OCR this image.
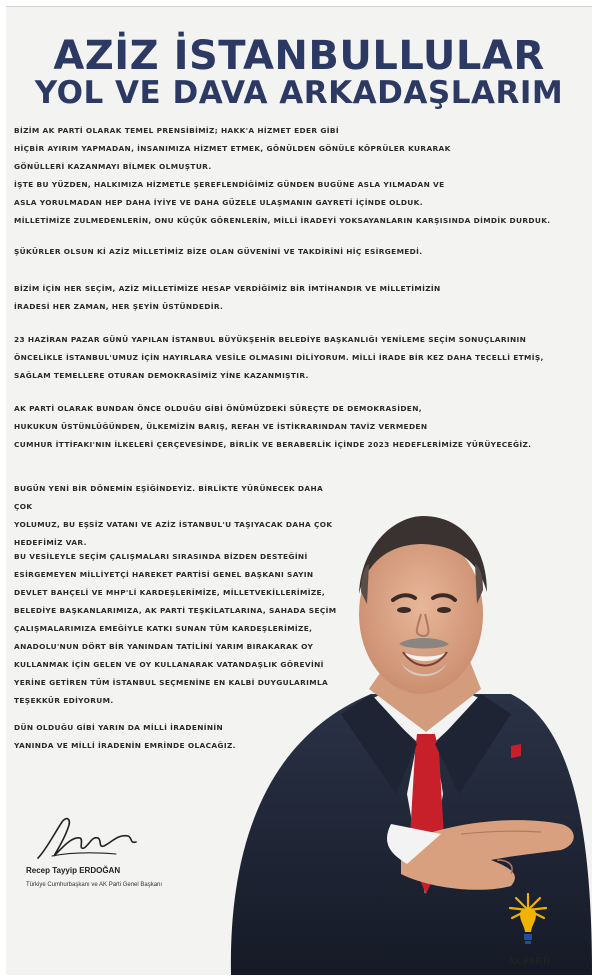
AZİZ İSTANBULLULAR
YOL VE DAVA ARKADAŞLARIM
BİZİM AK PARTİ OLARAK TEMEL PRENSİBİMİZ; HAKK'A HİZMET EDER GİBİ
HİÇBİR AYIRIM YAPMADAN, İNSANIMIZA HİZMET ETMEK, GÖNÜLDEN GÖNÜLE KÖPRÜLER KURARAK
GÖNÜLLERİ KAZANMAYI BİLMEK OLMUŞTUR.
İŞTE BU YÜZDEN, HALKIMIZA HİZMETLE ŞEREFLENDİĞİMİZ GÜNDEN BUGÜNE ASLA YILMADAN VE
ASLA YORULMADAN HEP DAHA İYİYE VE DAHA GÜZELE ULAŞMANIN GAYRETİ İÇİNDE OLDUK.
MİLLETİMİZE ZULMEDENLERİN, ONU KÜÇÜK GÖRENLERİN, MİLLİ İRADEYİ YOKSAYANLARIN KARŞISINDA DİMDİK DURDUK.
ŞÜKÜRLER OLSUN Kİ AZİZ MİLLETİMİZ BİZE OLAN GÜVENİNİ VE TAKDİRİNİ HİÇ ESİRGEMEDİ.
BİZİM İÇİN HER SEÇİM, AZİZ MİLLETİMİZE HESAP VERDİĞİMİZ BİR İMTİHANDIR VE MİLLETİMİZİN
İRADESİ HER ZAMAN, HER ŞEYİN ÜSTÜNDEDİR.
23 HAZİRAN PAZAR GÜNÜ YAPILAN İSTANBUL BÜYÜKŞEHİR BELEDİYE BAŞKANLIĞI YENİLEME SEÇİM SONUÇLARININ
ÖNCELİKLE İSTANBUL'UMUZ İÇİN HAYIRLARA VESİLE OLMASINI DİLİYORUM. MİLLİ İRADE BİR KEZ DAHA TECELLİ ETMİŞ,
SAĞLAM TEMELLERE OTURAN DEMOKRASİMİZ YİNE KAZANMIŞTIR.
AK PARTİ OLARAK BUNDAN ÖNCE OLDUĞU GİBİ ÖNÜMÜZDEKİ SÜREÇTE DE DEMOKRASİDEN,
HUKUKUN ÜSTÜNLÜĞÜNDEN, ÜLKEMİZİN BARIŞ, REFAH VE İSTİKRARINDAN TAVİZ VERMEDEN
CUMHUR İTTİFAKI'NIN İLKELERİ ÇERÇEVESİNDE, BİRLİK VE BERABERLİK İÇİNDE 2023 HEDEFLERİMİZE YÜRÜYECEĞİZ.
BUGÜN YENİ BİR DÖNEMİN EŞİĞİNDEYİZ. BİRLİKTE YÜRÜNECEK DAHA ÇOK
YOLUMUZ, BU EŞSİZ VATANI VE AZİZ İSTANBUL'U TAŞIYACAK DAHA ÇOK
HEDEFİMİZ VAR.
BU VESİLEYLE SEÇİM ÇALIŞMALARI SIRASINDA BİZDEN DESTEĞİNİ
ESİRGEMEYEN MİLLİYETÇİ HAREKET PARTİSİ GENEL BAŞKANI SAYIN
DEVLET BAHÇELİ VE MHP'Lİ KARDEŞLERİMİZE, MİLLETVEKİLLERİMİZE,
BELEDİYE BAŞKANLARIMIZA, AK PARTİ TEŞKİLATLARINA, SAHADA SEÇİM
ÇALIŞMALARIMIZA EMEĞİYLE KATKI SUNAN TÜM KARDEŞLERİMİZE,
ANADOLU'NUN DÖRT BİR YANINDAN TATİLİNİ YARIM BIRAKARAK OY
KULLANMAK İÇİN GELEN VE OY KULLANARAK VATANDAŞLIK GÖREVİNİ
YERİNE GETİREN TÜM İSTANBUL SEÇMENİNE EN KALBİ DUYGULARIMLA
TEŞEKKÜR EDİYORUM.
DÜN OLDUĞU GİBİ YARIN DA MİLLİ İRADENİNİN
YANINDA VE MİLLİ İRADENİN EMRİNDE OLACAĞIZ.
Recep Tayyip ERDOĞAN
Türkiye Cumhurbaşkanı ve AK Parti Genel Başkanı
AK PARTİ
